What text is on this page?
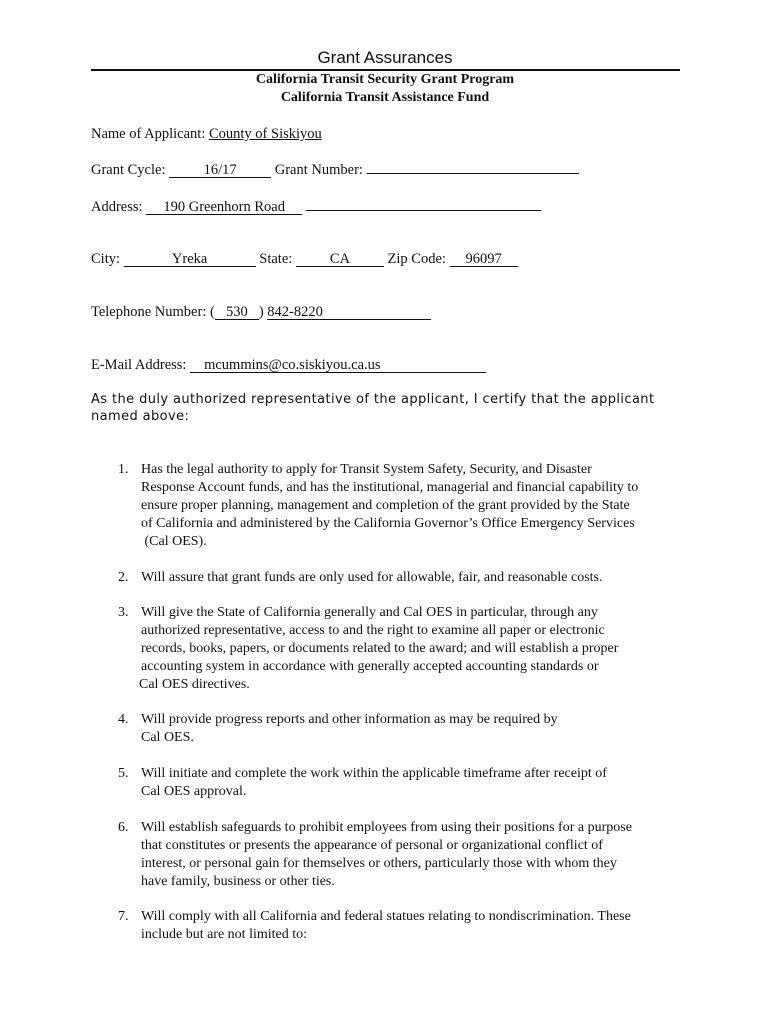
Grant Assurances
California Transit Security Grant Program
California Transit Assistance Fund
Name of Applicant: County of Siskiyou
Grant Cycle:	16/17	Grant Number:
Address: 190 Greenhorn Road
City:	Yreka	State:	CA	Zip Code: 96097
Telephone Number: ( 530 ) 842-8220
E-Mail Address: mcummins@co.siskiyou.ca.us
As the duly authorized representative of the applicant, I certify that the applicant named above:
1. Has the legal authority to apply for Transit System Safety, Security, and Disaster
Response Account funds, and has the institutional, managerial and financial capability to
ensure proper planning, management and completion of the grant provided by the State
of California and administered by the California Governor’s Office Emergency Services
(Cal OES).
2. Will assure that grant funds are only used for allowable, fair, and reasonable costs.
3. Will give the State of California generally and Cal OES in particular, through any
authorized representative, access to and the right to examine all paper or electronic
records, books, papers, or documents related to the award; and will establish a proper
accounting system in accordance with generally accepted accounting standards or
Cal OES directives.
4. Will provide progress reports and other information as may be required by
Cal OES.
5. Will initiate and complete the work within the applicable timeframe after receipt of
Cal OES approval.
6. Will establish safeguards to prohibit employees from using their positions for a purpose
that constitutes or presents the appearance of personal or organizational conflict of
interest, or personal gain for themselves or others, particularly those with whom they
have family, business or other ties.
7. Will comply with all California and federal statues relating to nondiscrimination. These
include but are not limited to:
